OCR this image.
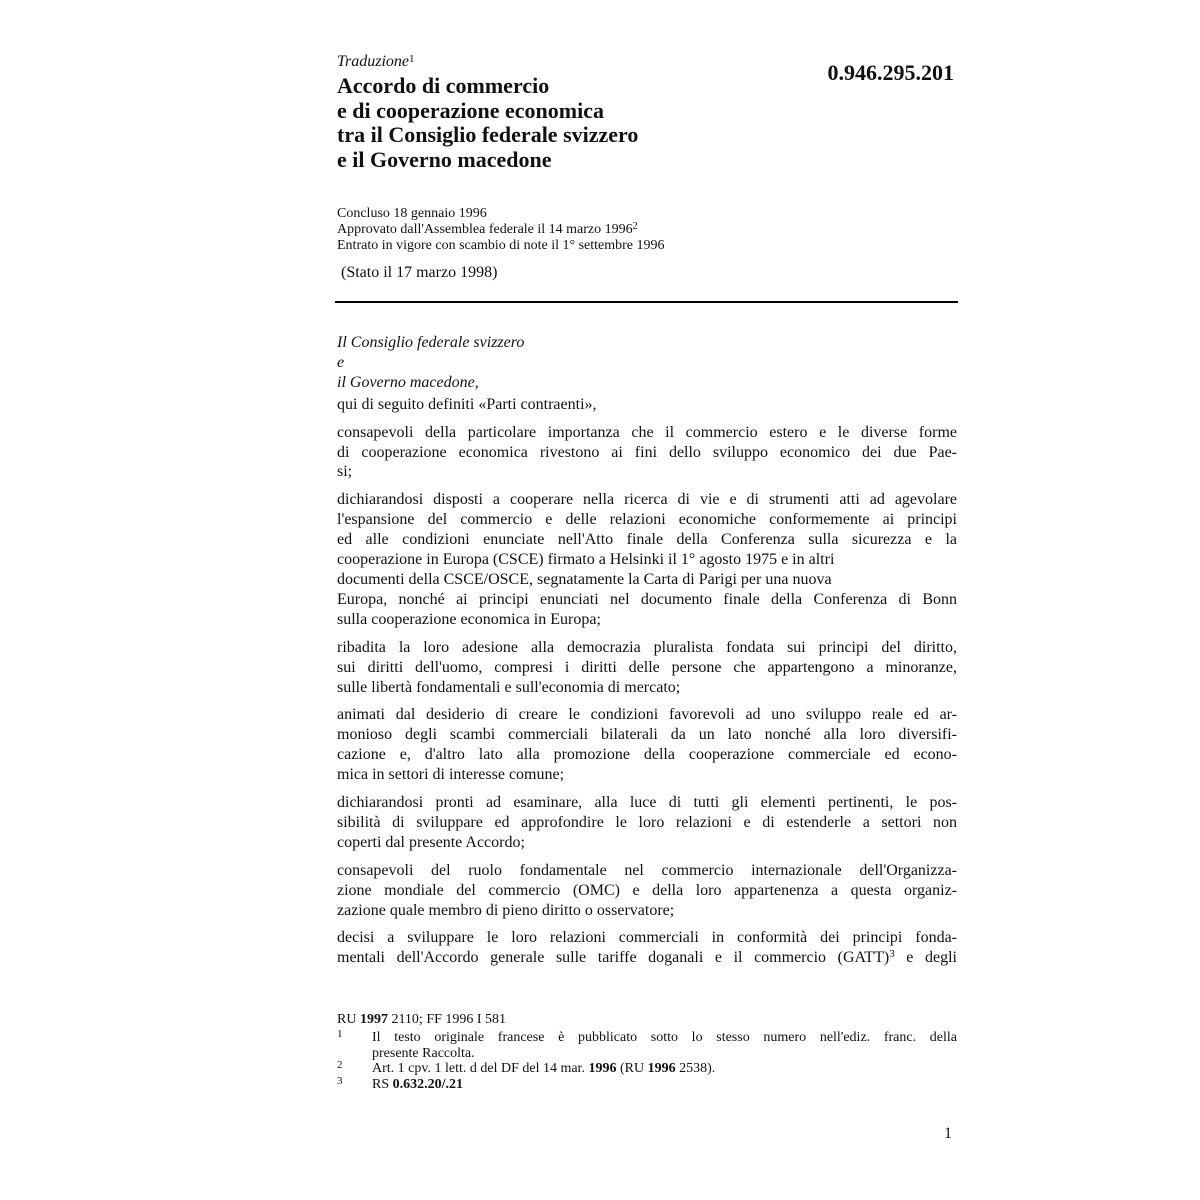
Traduzione$^1$
Accordo di commercio
e di cooperazione economica
tra il Consiglio federale svizzero
e il Governo macedone
0.946.295.201
Concluso 18 gennaio 1996
Approvato dall'Assemblea federale il 14 marzo 1996$^2$
Entrato in vigore con scambio di note il 1° settembre 1996
(Stato il 17 marzo 1998)
Il Consiglio federale svizzero
e
il Governo macedone,
qui di seguito definiti «Parti contraenti»,
consapevoli della particolare importanza che il commercio estero e le diverse forme
di cooperazione economica rivestono ai fini dello sviluppo economico dei due Pae-
si;
dichiarandosi disposti a cooperare nella ricerca di vie e di strumenti atti ad agevolare
l'espansione del commercio e delle relazioni economiche conformemente ai principi
ed alle condizioni enunciate nell'Atto finale della Conferenza sulla sicurezza e la
cooperazione in Europa (CSCE) firmato a Helsinki il 1° agosto 1975 e in altri
documenti della CSCE/OSCE, segnatamente la Carta di Parigi per una nuova
Europa, nonché ai principi enunciati nel documento finale della Conferenza di Bonn
sulla cooperazione economica in Europa;
ribadita la loro adesione alla democrazia pluralista fondata sui principi del diritto,
sui diritti dell'uomo, compresi i diritti delle persone che appartengono a minoranze,
sulle libertà fondamentali e sull'economia di mercato;
animati dal desiderio di creare le condizioni favorevoli ad uno sviluppo reale ed ar-
monioso degli scambi commerciali bilaterali da un lato nonché alla loro diversifi-
cazione e, d'altro lato alla promozione della cooperazione commerciale ed econo-
mica in settori di interesse comune;
dichiarandosi pronti ad esaminare, alla luce di tutti gli elementi pertinenti, le pos-
sibilità di sviluppare ed approfondire le loro relazioni e di estenderle a settori non
coperti dal presente Accordo;
consapevoli del ruolo fondamentale nel commercio internazionale dell'Organizza-
zione mondiale del commercio (OMC) e della loro appartenenza a questa organiz-
zazione quale membro di pieno diritto o osservatore;
decisi a sviluppare le loro relazioni commerciali in conformità dei principi fonda-
mentali dell'Accordo generale sulle tariffe doganali e il commercio (GATT)$^3$ e degli
RU 1997 2110; FF 1996 I 581
1 Il testo originale francese è pubblicato sotto lo stesso numero nell'ediz. franc. della
presente Raccolta.
2 Art. 1 cpv. 1 lett. d del DF del 14 mar. 1996 (RU 1996 2538).
3 RS 0.632.20/.21
1
